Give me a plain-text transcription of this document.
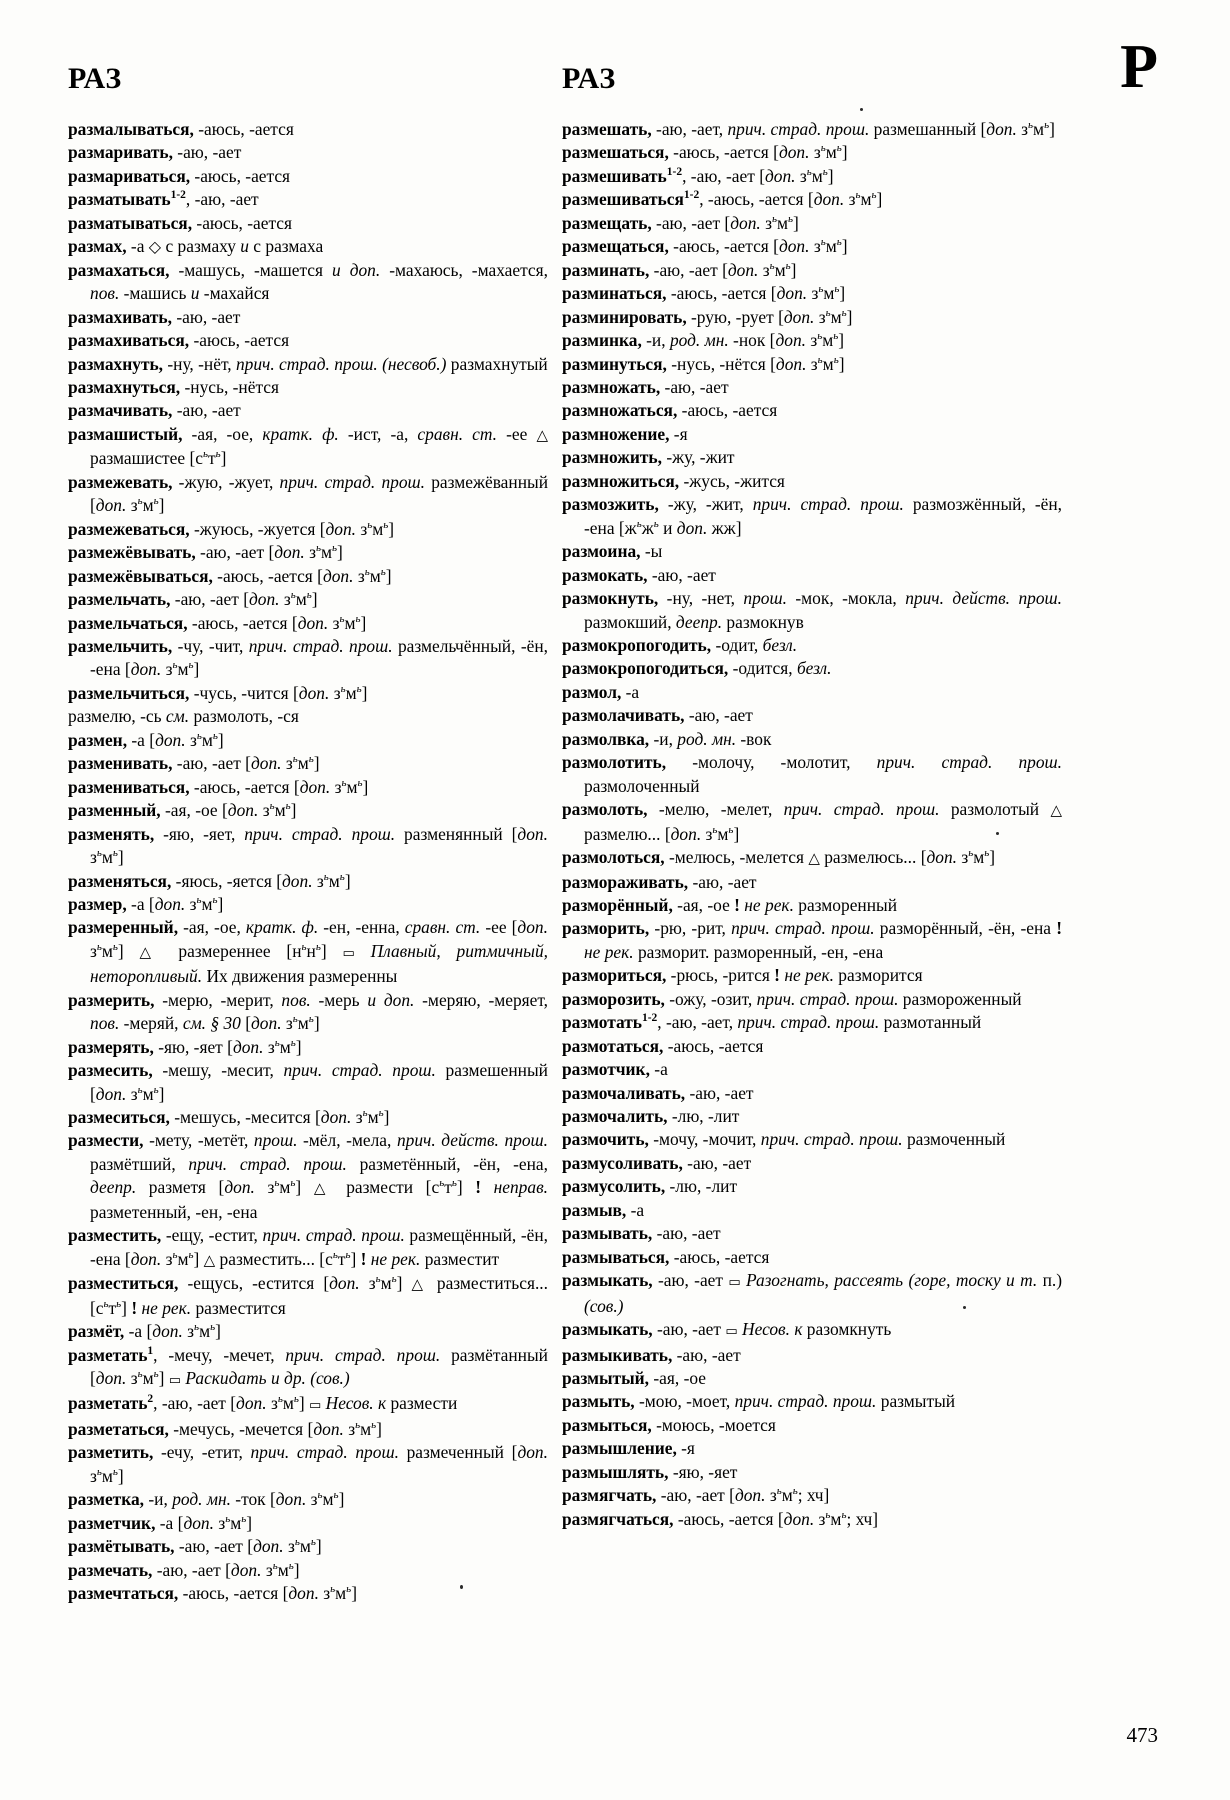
РАЗ	РАЗ	Р

размалываться, -аюсь, -ается

размаривать, -аю, -ает

размариваться, -аюсь, -ается

разматывать$^{1-2}$, -аю, -ает

разматываться, -аюсь, -ается

размах, -а ◇ с размаху и с размаха

размахаться, -машусь, -машется и доп. -махаюсь, -махается, пов. -машись и -махайся

размахивать, -аю, -ает

размахиваться, -аюсь, -ается

размахнуть, -ну, -нёт, прич. страд. прош. (несвоб.) размахнутый

размахнуться, -нусь, -нётся

размачивать, -аю, -ает

размашистый, -ая, -ое, кратк. ф. -ист, -а, сравн. ст. -ее △ размашистее $[с^ьт^ь]$

размежевать, -жую, -жует, прич. страд. прош. размежёванный [доп. $з^ьм^ь$]

размежеваться, -жуюсь, -жуется [доп. $з^ьм^ь$]

размежёвывать, -аю, -ает [доп. $з^ьм^ь$]

размежёвываться, -аюсь, -ается [доп. $з^ьм^ь$]

размельчать, -аю, -ает [доп. $з^ьм^ь$]

размельчаться, -аюсь, -ается [доп. $з^ьм^ь$]

размельчить, -чу, -чит, прич. страд. прош. размельчённый, -ён, -ена [доп. $з^ьм^ь$]

размельчиться, -чусь, -чится [доп. $з^ьм^ь$]

размелю, -сь см. размолоть, -ся

размен, -а [доп. $з^ьм^ь$]

разменивать, -аю, -ает [доп. $з^ьм^ь$]

размениваться, -аюсь, -ается [доп. $з^ьм^ь$]

разменный, -ая, -ое [доп. $з^ьм^ь$]

разменять, -яю, -яет, прич. страд. прош. разменянный [доп. $з^ьм^ь$]

разменяться, -яюсь, -яется [доп. $з^ьм^ь$]

размер, -а [доп. $з^ьм^ь$]

размеренный, -ая, -ое, кратк. ф. -ен, -енна, сравн. ст. -ее [доп. $з^ьм^ь$] △ размереннее $[н^ьн^ь]$ ▭ Плавный, ритмичный, неторопливый. Их движения размеренны

размерить, -мерю, -мерит, пов. -мерь и доп. -меряю, -меряет, пов. -меряй, см. § 30 [доп. $з^ьм^ь$]

размерять, -яю, -яет [доп. $з^ьм^ь$]

размесить, -мешу, -месит, прич. страд. прош. размешенный [доп. $з^ьм^ь$]

размеситься, -мешусь, -месится [доп. $з^ьм^ь$]

размести, -мету, -метёт, прош. -мёл, -мела, прич. действ. прош. размётший, прич. страд. прош. разметённый, -ён, -ена, деепр. разметя [доп. $з^ьм^ь$] △ размести $[с^ьт^ь]$ ! неправ. разметенный, -ен, -ена

разместить, -ещу, -естит, прич. страд. прош. размещённый, -ён, -ена [доп. $з^ьм^ь$] △ разместить... $[с^ьт^ь]$ ! не рек. разместит

разместиться, -ещусь, -естится [доп. $з^ьм^ь$] △ разместиться... $[с^ьт^ь]$ ! не рек. разместится

размёт, -а [доп. $з^ьм^ь$]

разметать$^1$, -мечу, -мечет, прич. страд. прош. размётанный [доп. $з^ьм^ь$] ▭ Раскидать и др. (сов.)

разметать$^2$, -аю, -ает [доп. $з^ьм^ь$] ▭ Несов. к размести

разметаться, -мечусь, -мечется [доп. $з^ьм^ь$]

разметить, -ечу, -етит, прич. страд. прош. размеченный [доп. $з^ьм^ь$]

разметка, -и, род. мн. -ток [доп. $з^ьм^ь$]

разметчик, -а [доп. $з^ьм^ь$]

размётывать, -аю, -ает [доп. $з^ьм^ь$]

размечать, -аю, -ает [доп. $з^ьм^ь$]

размечтаться, -аюсь, -ается [доп. $з^ьм^ь$]

размешать, -аю, -ает, прич. страд. прош. размешанный [доп. $з^ьм^ь$]

размешаться, -аюсь, -ается [доп. $з^ьм^ь$]

размешивать$^{1-2}$, -аю, -ает [доп. $з^ьм^ь$]

размешиваться$^{1-2}$, -аюсь, -ается [доп. $з^ьм^ь$]

размещать, -аю, -ает [доп. $з^ьм^ь$]

размещаться, -аюсь, -ается [доп. $з^ьм^ь$]

разминать, -аю, -ает [доп. $з^ьм^ь$]

разминаться, -аюсь, -ается [доп. $з^ьм^ь$]

разминировать, -рую, -рует [доп. $з^ьм^ь$]

разминка, -и, род. мн. -нок [доп. $з^ьм^ь$]

разминуться, -нусь, -нётся [доп. $з^ьм^ь$]

размножать, -аю, -ает

размножаться, -аюсь, -ается

размножение, -я

размножить, -жу, -жит

размножиться, -жусь, -жится

размозжить, -жу, -жит, прич. страд. прош. размозжённый, -ён, -ена [$ж^ьж^ь$ и доп. жж]

размоина, -ы

размокать, -аю, -ает

размокнуть, -ну, -нет, прош. -мок, -мокла, прич. действ. прош. размокший, деепр. размокнув

размокропогодить, -одит, безл.

размокропогодиться, -одится, безл.

размол, -а

размолачивать, -аю, -ает

размолвка, -и, род. мн. -вок

размолотить, -молочу, -молотит, прич. страд. прош. размолоченный

размолоть, -мелю, -мелет, прич. страд. прош. размолотый △ размелю... [доп. $з^ьм^ь$]

размолоться, -мелюсь, -мелется △ размелюсь... [доп. $з^ьм^ь$]

размораживать, -аю, -ает

разморённый, -ая, -ое ! не рек. разморенный

разморить, -рю, -рит, прич. страд. прош. разморённый, -ён, -ена ! не рек. разморит. разморенный, -ен, -ена

размориться, -рюсь, -рится ! не рек. разморится

разморозить, -ожу, -озит, прич. страд. прош. размороженный

размотать$^{1-2}$, -аю, -ает, прич. страд. прош. размотанный

размотаться, -аюсь, -ается

размотчик, -а

размочаливать, -аю, -ает

размочалить, -лю, -лит

размочить, -мочу, -мочит, прич. страд. прош. размоченный

размусоливать, -аю, -ает

размусолить, -лю, -лит

размыв, -а

размывать, -аю, -ает

размываться, -аюсь, -ается

размыкать, -аю, -ает ▭ Разогнать, рассеять (горе, тоску и т. п.) (сов.)

размыкать, -аю, -ает ▭ Несов. к разомкнуть

размыкивать, -аю, -ает

размытый, -ая, -ое

размыть, -мою, -моет, прич. страд. прош. размытый

размыться, -моюсь, -моется

размышление, -я

размышлять, -яю, -яет

размягчать, -аю, -ает [доп. $з^ьм^ь$; хч]

размягчаться, -аюсь, -ается [доп. $з^ьм^ь$; хч]

473
